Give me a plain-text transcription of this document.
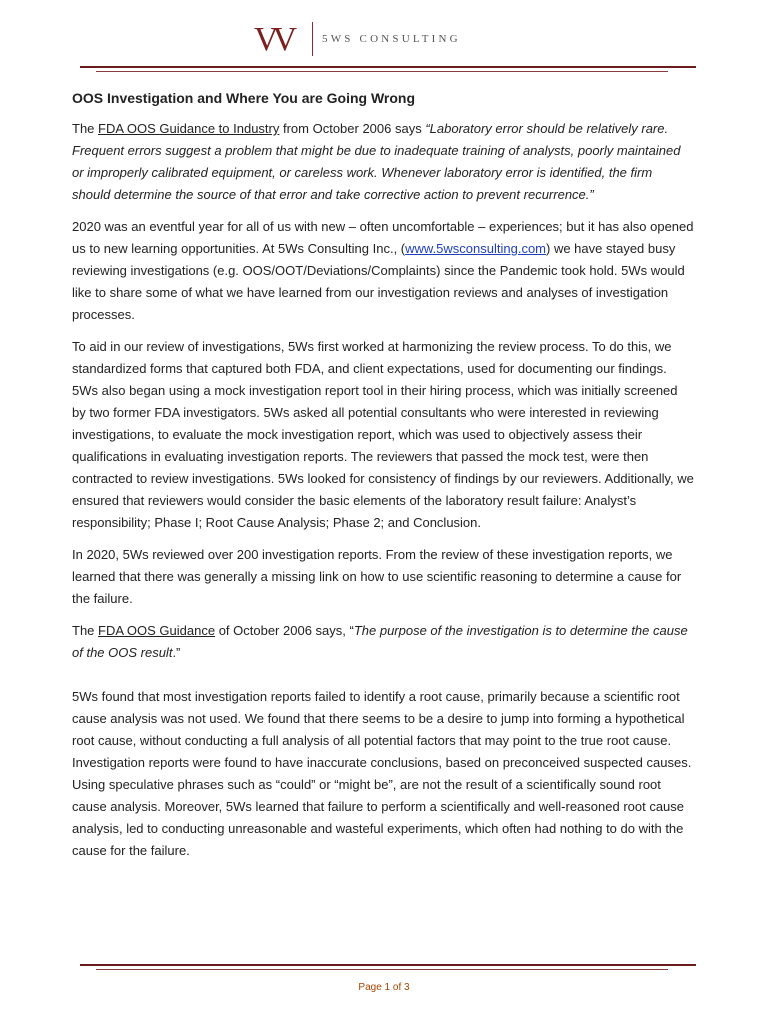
VV	5WS CONSULTING
OOS Investigation and Where You are Going Wrong

The FDA OOS Guidance to Industry from October 2006 says “Laboratory error should be relatively rare. Frequent errors suggest a problem that might be due to inadequate training of analysts, poorly maintained or improperly calibrated equipment, or careless work. Whenever laboratory error is identified, the firm should determine the source of that error and take corrective action to prevent recurrence.”

2020 was an eventful year for all of us with new – often uncomfortable – experiences; but it has also opened us to new learning opportunities. At 5Ws Consulting Inc., (www.5wsconsulting.com) we have stayed busy reviewing investigations (e.g. OOS/OOT/Deviations/Complaints) since the Pandemic took hold. 5Ws would like to share some of what we have learned from our investigation reviews and analyses of investigation processes.

To aid in our review of investigations, 5Ws first worked at harmonizing the review process. To do this, we standardized forms that captured both FDA, and client expectations, used for documenting our findings. 5Ws also began using a mock investigation report tool in their hiring process, which was initially screened by two former FDA investigators. 5Ws asked all potential consultants who were interested in reviewing investigations, to evaluate the mock investigation report, which was used to objectively assess their qualifications in evaluating investigation reports. The reviewers that passed the mock test, were then contracted to review investigations. 5Ws looked for consistency of findings by our reviewers. Additionally, we ensured that reviewers would consider the basic elements of the laboratory result failure: Analyst’s responsibility; Phase I; Root Cause Analysis; Phase 2; and Conclusion.

In 2020, 5Ws reviewed over 200 investigation reports. From the review of these investigation reports, we learned that there was generally a missing link on how to use scientific reasoning to determine a cause for the failure.

The FDA OOS Guidance of October 2006 says, “The purpose of the investigation is to determine the cause of the OOS result.”

5Ws found that most investigation reports failed to identify a root cause, primarily because a scientific root cause analysis was not used. We found that there seems to be a desire to jump into forming a hypothetical root cause, without conducting a full analysis of all potential factors that may point to the true root cause. Investigation reports were found to have inaccurate conclusions, based on preconceived suspected causes. Using speculative phrases such as “could” or “might be”, are not the result of a scientifically sound root cause analysis. Moreover, 5Ws learned that failure to perform a scientifically and well-reasoned root cause analysis, led to conducting unreasonable and wasteful experiments, which often had nothing to do with the cause for the failure.

Page 1 of 3
